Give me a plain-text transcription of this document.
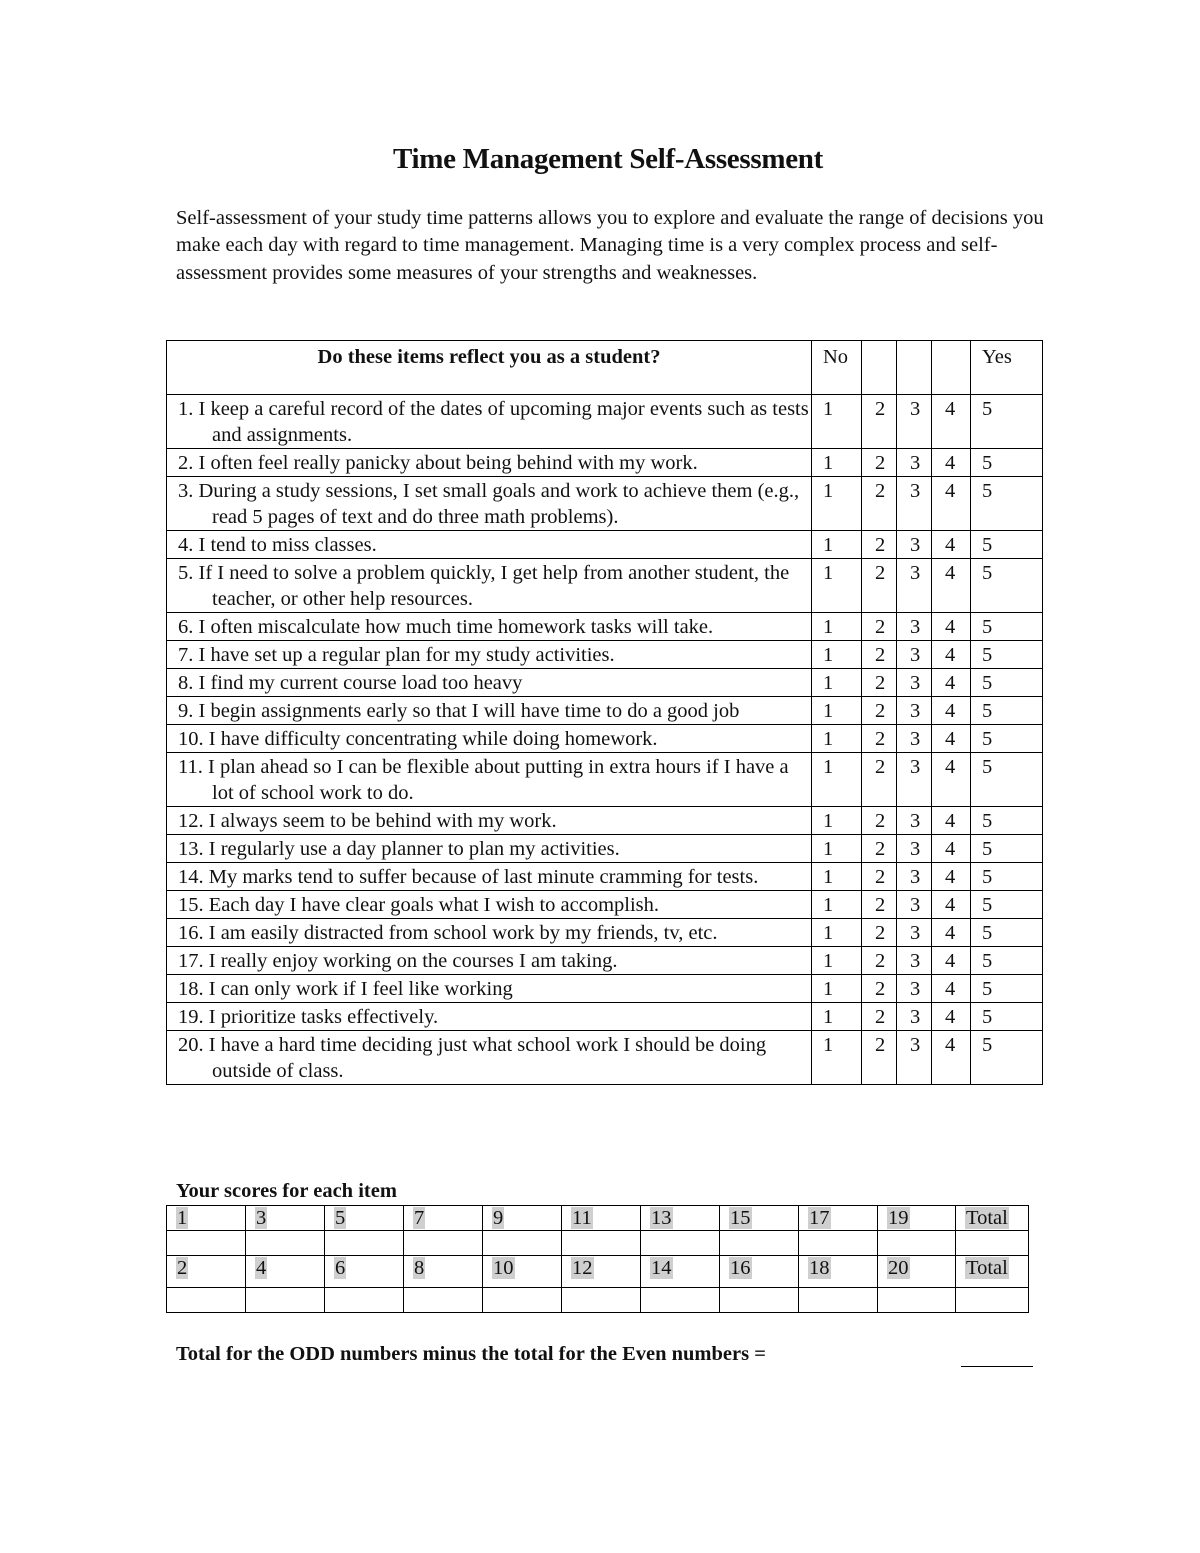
Time Management Self-Assessment
Self-assessment of your study time patterns allows you to explore and evaluate the range of decisions you make each day with regard to time management. Managing time is a very complex process and self-assessment provides some measures of your strengths and weaknesses.
Do these items reflect you as a student?	No				Yes

1. I keep a careful record of the dates of upcoming major events such as tests and assignments.	1	2	3	4	5

2. I often feel really panicky about being behind with my work.	1	2	3	4	5

3. During a study sessions, I set small goals and work to achieve them (e.g., read 5 pages of text and do three math problems).	1	2	3	4	5

4. I tend to miss classes.	1	2	3	4	5

5. If I need to solve a problem quickly, I get help from another student, the teacher, or other help resources.	1	2	3	4	5

6. I often miscalculate how much time homework tasks will take.	1	2	3	4	5

7. I have set up a regular plan for my study activities.	1	2	3	4	5

8. I find my current course load too heavy	1	2	3	4	5

9. I begin assignments early so that I will have time to do a good job	1	2	3	4	5

10. I have difficulty concentrating while doing homework.	1	2	3	4	5

11. I plan ahead so I can be flexible about putting in extra hours if I have a lot of school work to do.	1	2	3	4	5

12. I always seem to be behind with my work.	1	2	3	4	5

13. I regularly use a day planner to plan my activities.	1	2	3	4	5

14. My marks tend to suffer because of last minute cramming for tests.	1	2	3	4	5

15. Each day I have clear goals what I wish to accomplish.	1	2	3	4	5

16. I am easily distracted from school work by my friends, tv, etc.	1	2	3	4	5

17. I really enjoy working on the courses I am taking.	1	2	3	4	5

18. I can only work if I feel like working	1	2	3	4	5

19. I prioritize tasks effectively.	1	2	3	4	5

20. I have a hard time deciding just what school work I should be doing outside of class.	1	2	3	4	5
Your scores for each item
1	3	5	7	9	11	13	15	17	19	Total

2	4	6	8	10	12	14	16	18	20	Total

Total for the ODD numbers minus the total for the Even numbers =
